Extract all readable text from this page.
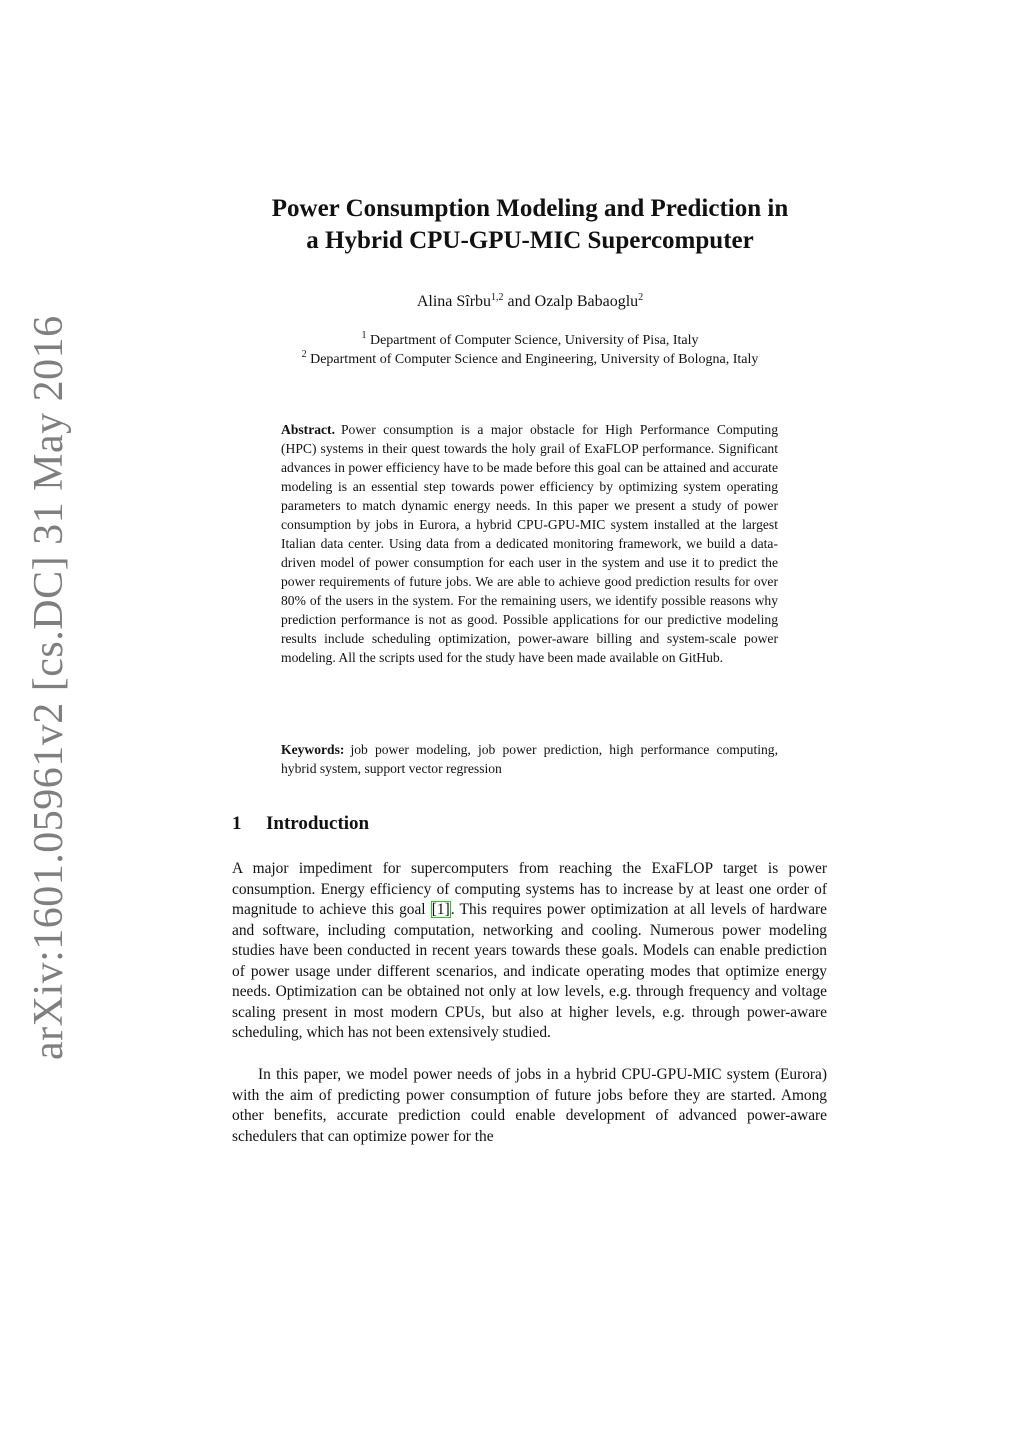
arXiv:1601.05961v2 [cs.DC] 31 May 2016
Power Consumption Modeling and Prediction in
a Hybrid CPU-GPU-MIC Supercomputer
Alina Sîrbu$^{1,2}$ and Ozalp Babaoglu$^2$
$^1$ Department of Computer Science, University of Pisa, Italy
$^2$ Department of Computer Science and Engineering, University of Bologna, Italy
Abstract. Power consumption is a major obstacle for High Performance Computing (HPC) systems in their quest towards the holy grail of ExaFLOP performance. Significant advances in power efficiency have to be made before this goal can be attained and accurate modeling is an essential step towards power efficiency by optimizing system operating parameters to match dynamic energy needs. In this paper we present a study of power consumption by jobs in Eurora, a hybrid CPU-GPU-MIC system installed at the largest Italian data center. Using data from a dedicated monitoring framework, we build a data-driven model of power consumption for each user in the system and use it to predict the power requirements of future jobs. We are able to achieve good prediction results for over 80% of the users in the system. For the remaining users, we identify possible reasons why prediction performance is not as good. Possible applications for our predictive modeling results include scheduling optimization, power-aware billing and system-scale power modeling. All the scripts used for the study have been made available on GitHub.
Keywords: job power modeling, job power prediction, high performance computing, hybrid system, support vector regression
1 Introduction
A major impediment for supercomputers from reaching the ExaFLOP target is power consumption. Energy efficiency of computing systems has to increase by at least one order of magnitude to achieve this goal [1]. This requires power optimization at all levels of hardware and software, including computation, networking and cooling. Numerous power modeling studies have been conducted in recent years towards these goals. Models can enable prediction of power usage under different scenarios, and indicate operating modes that optimize energy needs. Optimization can be obtained not only at low levels, e.g. through frequency and voltage scaling present in most modern CPUs, but also at higher levels, e.g. through power-aware scheduling, which has not been extensively studied.
In this paper, we model power needs of jobs in a hybrid CPU-GPU-MIC system (Eurora) with the aim of predicting power consumption of future jobs before they are started. Among other benefits, accurate prediction could enable development of advanced power-aware schedulers that can optimize power for the
